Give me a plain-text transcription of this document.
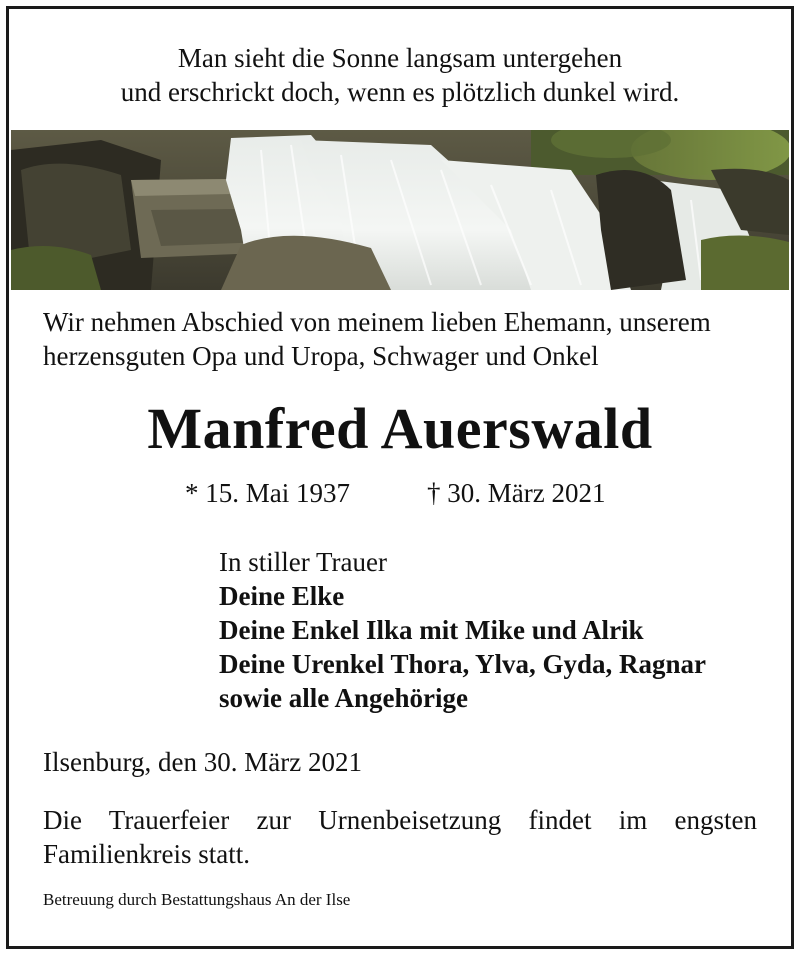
Man sieht die Sonne langsam untergehen
und erschrickt doch, wenn es plötzlich dunkel wird.
Wir nehmen Abschied von meinem lieben Ehemann, unserem
herzensguten Opa und Uropa, Schwager und Onkel
Manfred Auerswald
* 15. Mai 1937	† 30. März 2021
In stiller Trauer
Deine Elke
Deine Enkel Ilka mit Mike und Alrik
Deine Urenkel Thora, Ylva, Gyda, Ragnar
sowie alle Angehörige
Ilsenburg, den 30. März 2021
Die Trauerfeier zur Urnenbeisetzung findet im engsten Familienkreis statt.
Betreuung durch Bestattungshaus An der Ilse
